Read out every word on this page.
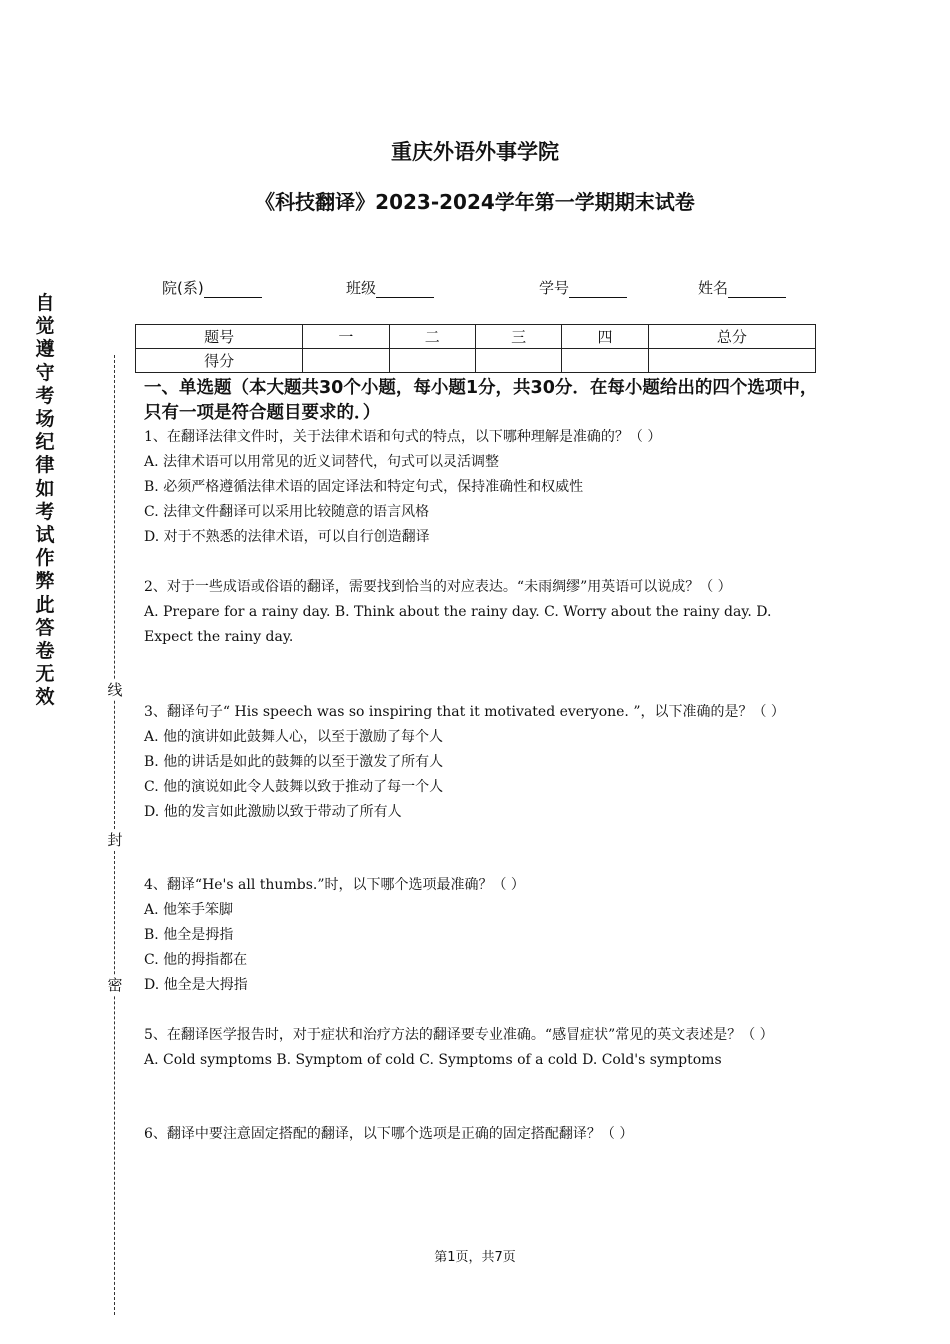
自觉遵守考场纪律如考试作弊此答卷无效	线
封
密
重庆外语外事学院
《科技翻译》2023-2024学年第一学期期末试卷
院(系)	班级	学号	姓名
题号	一	二	三	四	总分
得分					
一、单选题（本大题共30个小题，每小题1分，共30分．在每小题给出的四个选项中，只有一项是符合题目要求的．）

1、在翻译法律文件时，关于法律术语和句式的特点，以下哪种理解是准确的？（ ）

A. 法律术语可以用常见的近义词替代，句式可以灵活调整

B. 必须严格遵循法律术语的固定译法和特定句式，保持准确性和权威性

C. 法律文件翻译可以采用比较随意的语言风格

D. 对于不熟悉的法律术语，可以自行创造翻译

2、对于一些成语或俗语的翻译，需要找到恰当的对应表达。“未雨绸缪”用英语可以说成？（ ）

A. Prepare for a rainy day. B. Think about the rainy day. C. Worry about the rainy day. D. Expect the rainy day.

3、翻译句子“ His speech was so inspiring that it motivated everyone. ”，以下准确的是？（ ）

A. 他的演讲如此鼓舞人心，以至于激励了每个人

B. 他的讲话是如此的鼓舞的以至于激发了所有人

C. 他的演说如此令人鼓舞以致于推动了每一个人

D. 他的发言如此激励以致于带动了所有人

4、翻译“He's all thumbs.”时，以下哪个选项最准确？（ ）

A. 他笨手笨脚

B. 他全是拇指

C. 他的拇指都在

D. 他全是大拇指

5、在翻译医学报告时，对于症状和治疗方法的翻译要专业准确。“感冒症状”常见的英文表述是？（ ）

A. Cold symptoms B. Symptom of cold C. Symptoms of a cold D. Cold's symptoms

6、翻译中要注意固定搭配的翻译，以下哪个选项是正确的固定搭配翻译？（ ）

第1页，共7页
